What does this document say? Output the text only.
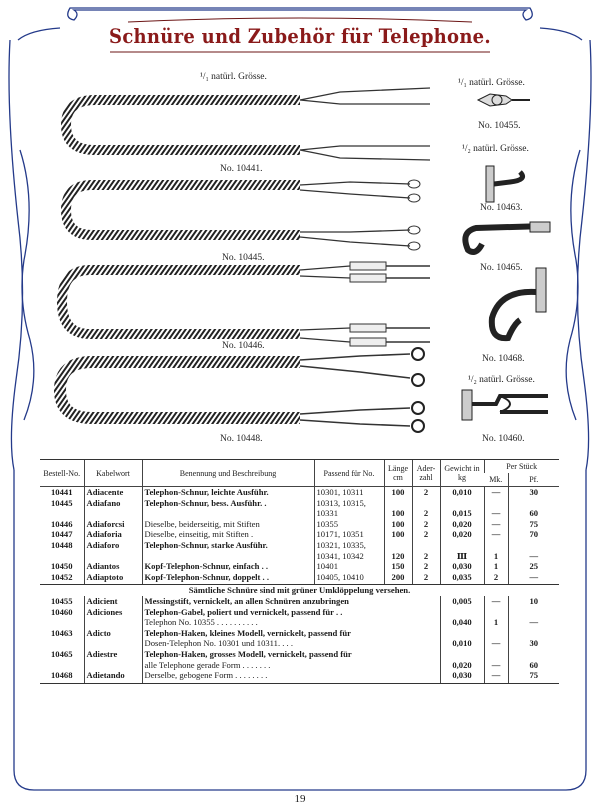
Schnüre und Zubehör für Telephone.
¹/₁ natürl. Grösse.
No. 10441.
No. 10445.
No. 10446.
No. 10448.
¹/₁ natürl. Grösse.
No. 10455.
¹/₂ natürl. Grösse.
No. 10463.
No. 10465.
No. 10468.
¹/₂ natürl. Grösse.
No. 10460.
Bestell-No.	Kabelwort	Benennung und Beschreibung	Passend für No.	Länge cm	Ader-zahl	Gewicht in kg	Per Stück	
							Mk.	Pf.
10441	Adiacente	Telephon-Schnur, leichte Ausführ.	10301, 10311	100	2	0,010	—	30
10445	Adiafano	Telephon-Schnur, bess. Ausführ. .	10313, 10315,					
			10331	100	2	0,015	—	60
10446	Adiaforcsi	Dieselbe, beiderseitig, mit Stiften	10355	100	2	0,020	—	75
10447	Adiaforia	Dieselbe, einseitig, mit Stiften .	10171, 10351	100	2	0,020	—	70
10448	Adiaforo	Telephon-Schnur, starke Ausführ.	10321, 10335,					
			10341, 10342	120	2	Ⅲ	1	—
10450	Adiantos	Kopf-Telephon-Schnur, einfach . .	10401	150	2	0,030	1	25
10452	Adiaptoto	Kopf-Telephon-Schnur, doppelt . .	10405, 10410	200	2	0,035	2	—
Sämtliche Schnüre sind mit grüner Umklöppelung versehen.								
10455	Adicient	Messingstift, vernickelt, an allen Schnüren anzubringen				0,005	—	10
10460	Adiciones	Telephon-Gabel, poliert und vernickelt, passend für . .						
		Telephon No. 10355 . . . . . . . . . .				0,040	1	—
10463	Adicto	Telephon-Haken, kleines Modell, vernickelt, passend für						
		Dosen-Telephon No. 10301 und 10311. . . .				0,010	—	30
10465	Adiestre	Telephon-Haken, grosses Modell, vernickelt, passend für						
		alle Telephone gerade Form . . . . . . .				0,020	—	60
10468	Adietando	Derselbe, gebogene Form . . . . . . . .				0,030	—	75
19
